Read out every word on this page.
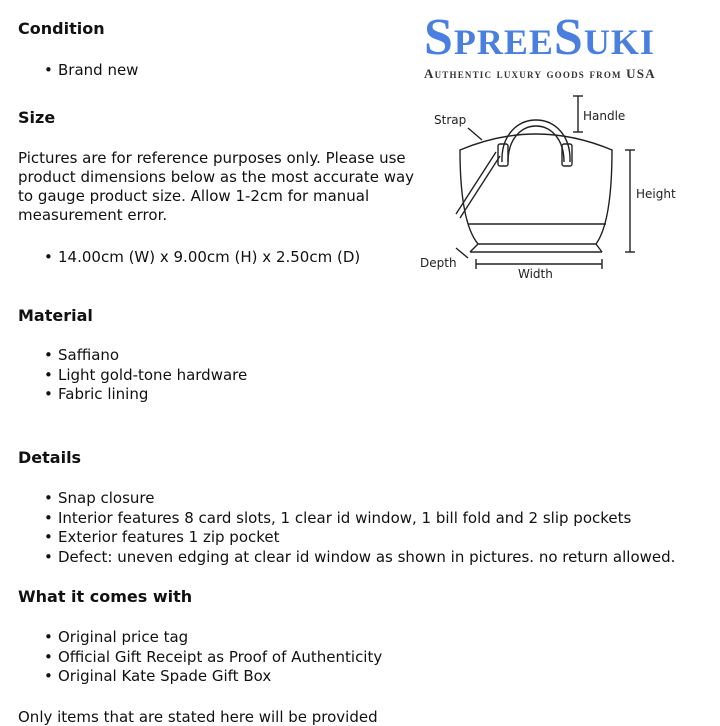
SpreeSuki
Authentic luxury goods from USA
Strap	Handle
Height
Depth
Width
Condition
• Brand new
Size
Pictures are for reference purposes only. Please use product dimensions below as the most accurate way to gauge product size. Allow 1-2cm for manual measurement error.
• 14.00cm (W) x 9.00cm (H) x 2.50cm (D)
Material
• Saffiano
• Light gold-tone hardware
• Fabric lining
Details
• Snap closure
• Interior features 8 card slots, 1 clear id window, 1 bill fold and 2 slip pockets
• Exterior features 1 zip pocket
• Defect: uneven edging at clear id window as shown in pictures. no return allowed.
What it comes with
• Original price tag
• Official Gift Receipt as Proof of Authenticity
• Original Kate Spade Gift Box
Only items that are stated here will be provided
